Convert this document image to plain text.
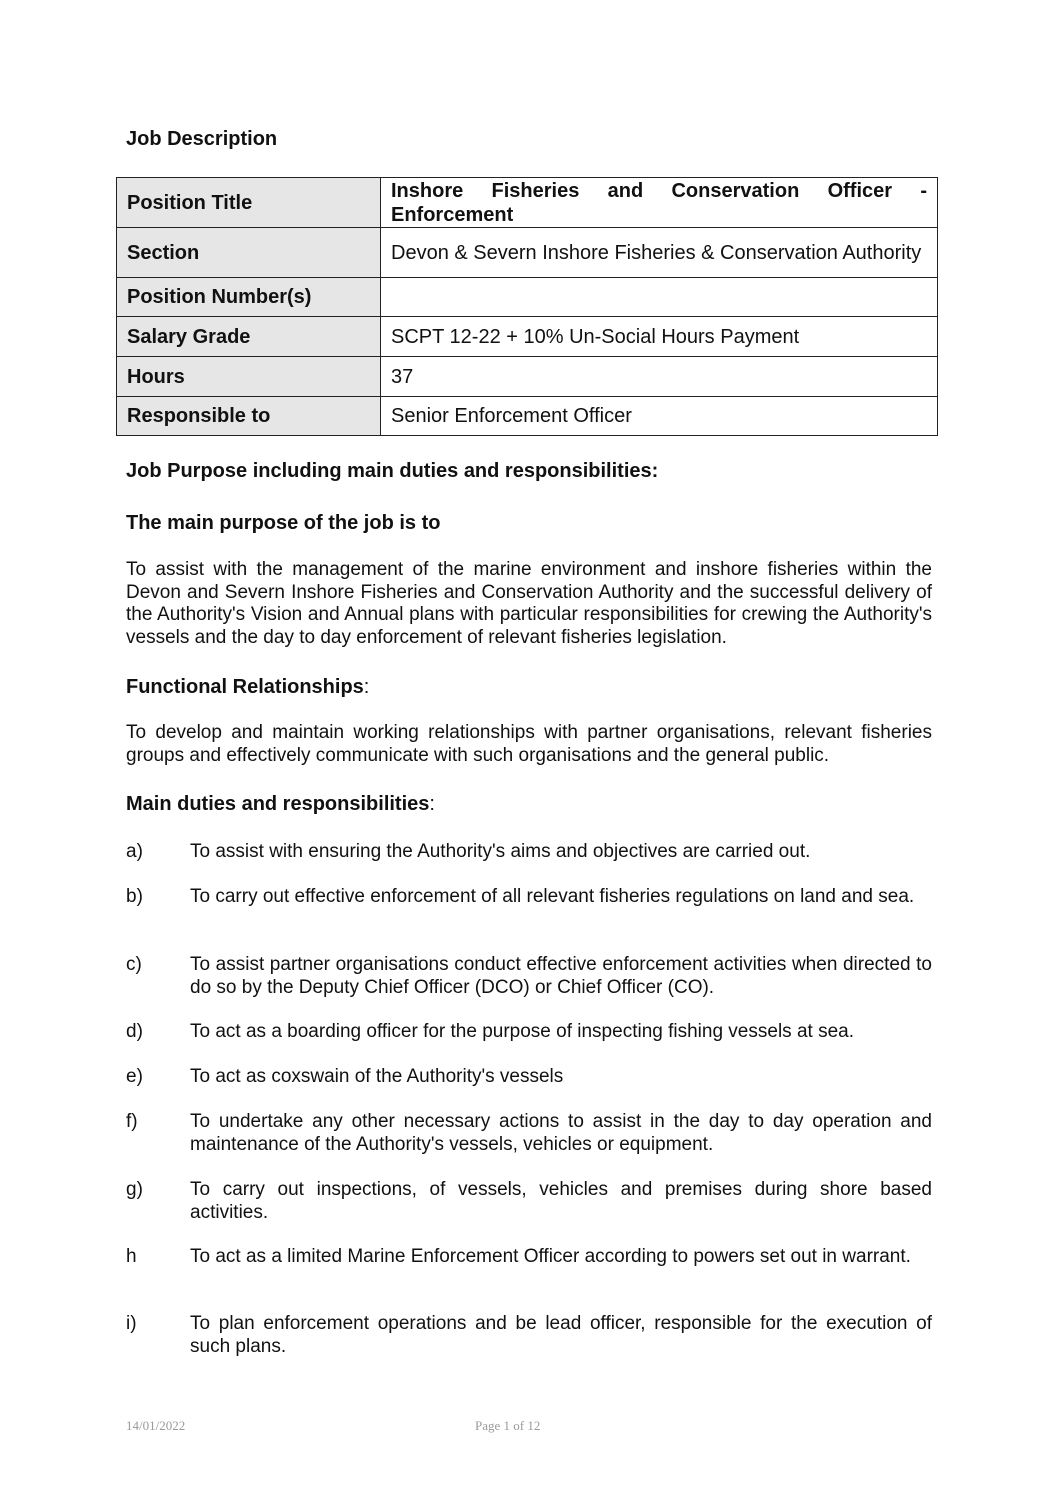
Job Description
Position Title	Inshore Fisheries and Conservation Officer - Enforcement
Section	Devon & Severn Inshore Fisheries & Conservation Authority
Position Number(s)	
Salary Grade	SCPT 12-22 + 10% Un-Social Hours Payment
Hours	37
Responsible to	Senior Enforcement Officer
Job Purpose including main duties and responsibilities:
The main purpose of the job is to
To assist with the management of the marine environment and inshore fisheries within the Devon and Severn Inshore Fisheries and Conservation Authority and the successful delivery of the Authority's Vision and Annual plans with particular responsibilities for crewing the Authority's vessels and the day to day enforcement of relevant fisheries legislation.
Functional Relationships:
To develop and maintain working relationships with partner organisations, relevant fisheries groups and effectively communicate with such organisations and the general public.
Main duties and responsibilities:
a) To assist with ensuring the Authority's aims and objectives are carried out.
b) To carry out effective enforcement of all relevant fisheries regulations on land and sea.
c)	To assist partner organisations conduct effective enforcement activities when directed to do so by the Deputy Chief Officer (DCO) or Chief Officer (CO).
d) To act as a boarding officer for the purpose of inspecting fishing vessels at sea.
e) To act as coxswain of the Authority's vessels
f)	To undertake any other necessary actions to assist in the day to day operation and maintenance of the Authority's vessels, vehicles or equipment.
g) To carry out inspections, of vessels, vehicles and premises during shore based activities.
h	To act as a limited Marine Enforcement Officer according to powers set out in warrant.
i)	To plan enforcement operations and be lead officer, responsible for the execution of such plans.
14/01/2022	Page 1 of 12
